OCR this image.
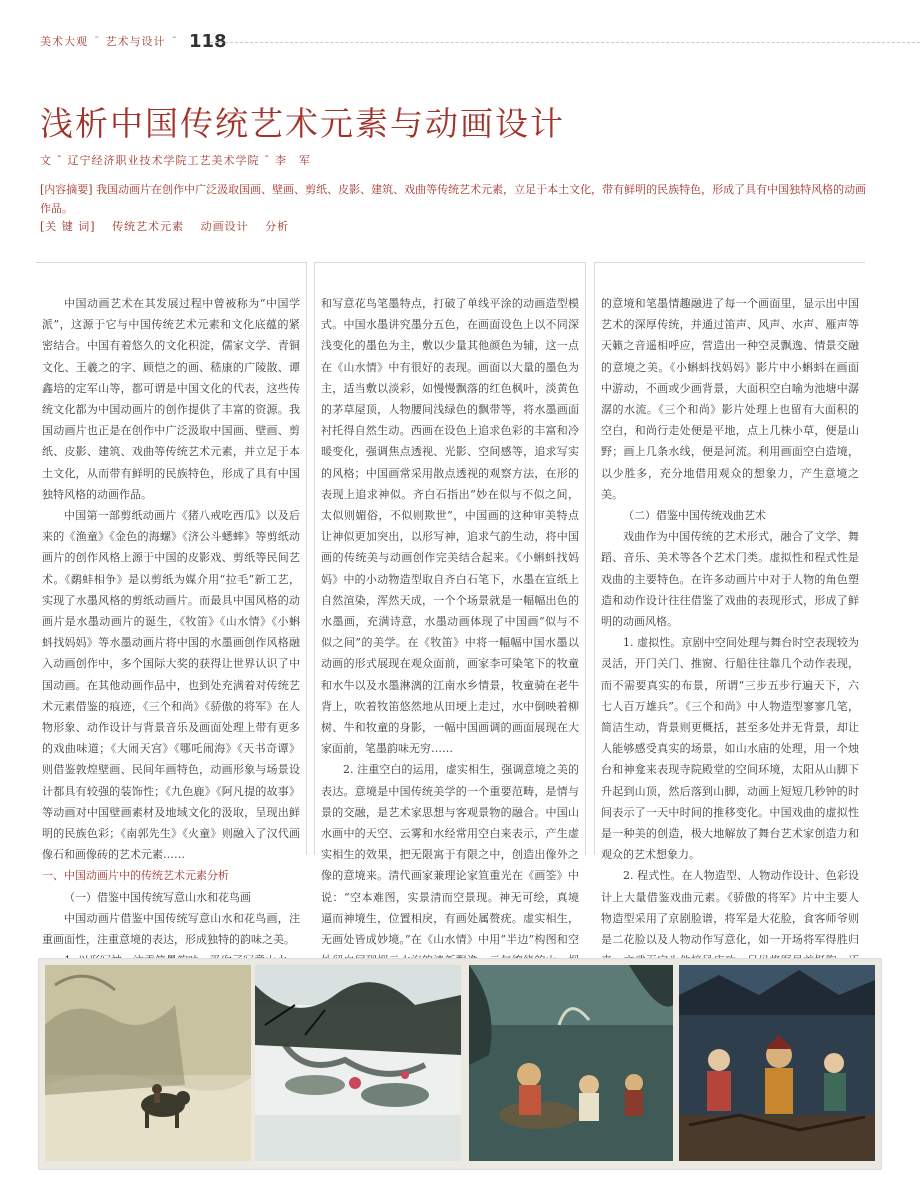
美术大观 ¯ 艺术与设计 ¯ 118
浅析中国传统艺术元素与动画设计
文 ¯ 辽宁经济职业技术学院工艺美术学院 ¯ 李　军
[内容摘要] 我国动画片在创作中广泛汲取国画、壁画、剪纸、皮影、建筑、戏曲等传统艺术元素，立足于本土文化，带有鲜明的民族特色，形成了具有中国独特风格的动画作品。
[关 键 词] 传统艺术元素 动画设计 分析

中国动画艺术在其发展过程中曾被称为“中国学派”，这源于它与中国传统艺术元素和文化底蕴的紧密结合。中国有着悠久的文化积淀，儒家文学、青铜文化、王羲之的字、顾恺之的画、嵇康的广陵散、谭鑫培的定军山等，都可谓是中国文化的代表，这些传统文化都为中国动画片的创作提供了丰富的资源。我国动画片也正是在创作中广泛汲取中国画、壁画、剪纸、皮影、建筑、戏曲等传统艺术元素，并立足于本土文化，从而带有鲜明的民族特色，形成了具有中国独特风格的动画作品。

中国第一部剪纸动画片《猪八戒吃西瓜》以及后来的《渔童》《金色的海螺》《济公斗蟋蟀》等剪纸动画片的创作风格上源于中国的皮影戏、剪纸等民间艺术。《鹬蚌相争》是以剪纸为媒介用“拉毛”新工艺，实现了水墨风格的剪纸动画片。而最具中国风格的动画片是水墨动画片的诞生，《牧笛》《山水情》《小蝌蚪找妈妈》等水墨动画片将中国的水墨画创作风格融入动画创作中，多个国际大奖的获得让世界认识了中国动画。在其他动画作品中，也到处充满着对传统艺术元素借鉴的痕迹，《三个和尚》《骄傲的将军》在人物形象、动作设计与背景音乐及画面处理上带有更多的戏曲味道；《大闹天宫》《哪吒闹海》《天书奇谭》则借鉴敦煌壁画、民间年画特色，动画形象与场景设计都具有较强的装饰性；《九色鹿》《阿凡提的故事》等动画对中国壁画素材及地域文化的汲取，呈现出鲜明的民族色彩；《南郭先生》《火童》则融入了汉代画像石和画像砖的艺术元素……

一、中国动画片中的传统艺术元素分析
（一）借鉴中国传统写意山水和花鸟画

中国动画片借鉴中国传统写意山水和花鸟画，注重画面性，注重意境的表达，形成独特的韵味之美。

和写意花鸟笔墨特点，打破了单线平涂的动画造型模式。中国水墨讲究墨分五色，在画面设色上以不同深浅变化的墨色为主，敷以少量其他颜色为辅，这一点在《山水情》中有很好的表现。画面以大量的墨色为主，适当敷以淡彩，如慢慢飘落的红色枫叶，淡黄色的茅草屋顶，人物腰间浅绿色的飘带等，将水墨画面衬托得自然生动。西画在设色上追求色彩的丰富和冷暖变化，强调焦点透视、光影、空间感等，追求写实的风格；中国画常采用散点透视的观察方法，在形的表现上追求神似。齐白石指出“妙在似与不似之间，太似则媚俗，不似则欺世”，中国画的这种审美特点让神似更加突出，以形写神，追求气韵生动，将中国画的传统美与动画创作完美结合起来。《小蝌蚪找妈妈》中的小动物造型取自齐白石笔下，水墨在宣纸上自然渲染，浑然天成，一个个场景就是一幅幅出色的水墨画，充满诗意，水墨动画体现了中国画“似与不似之间”的美学。在《牧笛》中将一幅幅中国水墨以动画的形式展现在观众面前，画家李可染笔下的牧童和水牛以及水墨淋漓的江南水乡情景，牧童骑在老牛背上，吹着牧笛悠然地从田埂上走过，水中倒映着柳树、牛和牧童的身影，一幅中国画调的画面展现在大家面前，笔墨韵味无穷……

2. 注重空白的运用，虚实相生，强调意境之美的表达。意境是中国传统美学的一个重要范畴，是情与景的交融，是艺术家思想与客观景物的融合。中国山水画中的天空、云雾和水经常用空白来表示，产生虚实相生的效果，把无限寓于有限之中，创造出像外之像的意境来。清代画家兼理论家笪重光在《画筌》中说：“空本难图，实景清而空景现。神无可绘，真境逼而神境生，位置相戾，有画处属赘疣。虚实相生，无画处皆成妙境。”在《山水情》中用“半边”构图和空

的意境和笔墨情趣融进了每一个画面里，显示出中国艺术的深厚传统，并通过笛声、风声、水声、雁声等天籁之音遥相呼应，营造出一种空灵飘逸、情景交融的意境之美。《小蝌蚪找妈妈》影片中小蝌蚪在画面中游动，不画或少画背景，大面积空白喻为池塘中潺潺的水流。《三个和尚》影片处理上也留有大面积的空白，和尚行走处便是平地，点上几株小草，便是山野；画上几条水线，便是河流。利用画面空白造境，以少胜多，充分地借用观众的想象力，产生意境之美。

（二）借鉴中国传统戏曲艺术

戏曲作为中国传统的艺术形式，融合了文学、舞蹈、音乐、美术等各个艺术门类。虚拟性和程式性是戏曲的主要特色。在许多动画片中对于人物的角色塑造和动作设计往往借鉴了戏曲的表现形式，形成了鲜明的动画风格。

1. 虚拟性。京剧中空间处理与舞台时空表现较为灵活，开门关门、推窗、行船往往靠几个动作表现，而不需要真实的布景，所谓“三步五步行遍天下，六七人百万雄兵”。《三个和尚》中人物造型寥寥几笔，简洁生动，背景则更概括，甚至多处并无背景，却让人能够感受真实的场景，如山水庙的处理，用一个烛台和神龛来表现寺院殿堂的空间环境，太阳从山脚下升起到山顶，然后落到山脚，动画上短短几秒钟的时间表示了一天中时间的推移变化。中国戏曲的虚拟性是一种美的创造，极大地解放了舞台艺术家创造力和观众的艺术想象力。

2. 程式性。在人物造型、人物动作设计、色彩设计上大量借鉴戏曲元素。《骄傲的将军》片中主要人物造型采用了京剧脸谱，将军是大花脸，食客师爷则是二花脸以及人物动作写意化，如一开场将军得胜归
